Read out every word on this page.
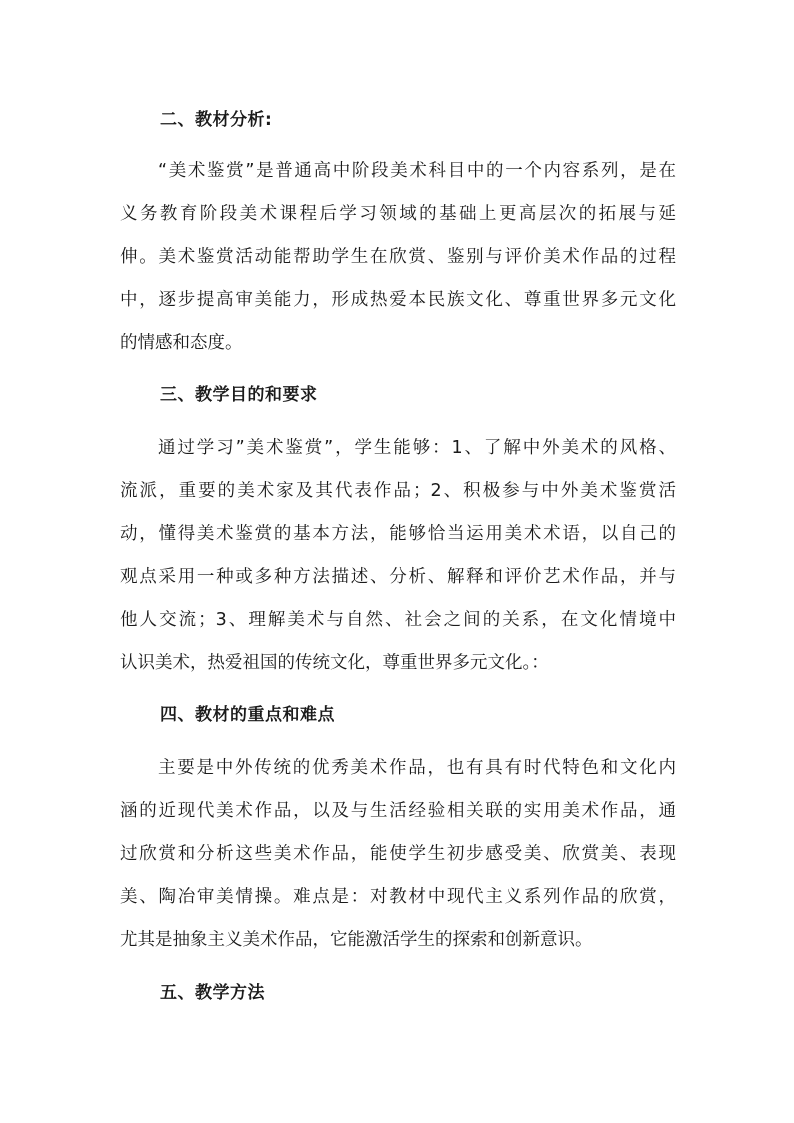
二、教材分析:
“美术鉴赏”是普通高中阶段美术科目中的一个内容系列，是在
义务教育阶段美术课程后学习领域的基础上更高层次的拓展与延
伸。美术鉴赏活动能帮助学生在欣赏、鉴别与评价美术作品的过程
中，逐步提高审美能力，形成热爱本民族文化、尊重世界多元文化
的情感和态度。
三、教学目的和要求
通过学习”美术鉴赏”，学生能够：1、了解中外美术的风格、
流派，重要的美术家及其代表作品；2、积极参与中外美术鉴赏活
动，懂得美术鉴赏的基本方法，能够恰当运用美术术语，以自己的
观点采用一种或多种方法描述、分析、解释和评价艺术作品，并与
他人交流；3、理解美术与自然、社会之间的关系，在文化情境中
认识美术，热爱祖国的传统文化，尊重世界多元文化。：
四、教材的重点和难点
主要是中外传统的优秀美术作品，也有具有时代特色和文化内
涵的近现代美术作品，以及与生活经验相关联的实用美术作品，通
过欣赏和分析这些美术作品，能使学生初步感受美、欣赏美、表现
美、陶冶审美情操。难点是：对教材中现代主义系列作品的欣赏，
尤其是抽象主义美术作品，它能激活学生的探索和创新意识。
五、教学方法
